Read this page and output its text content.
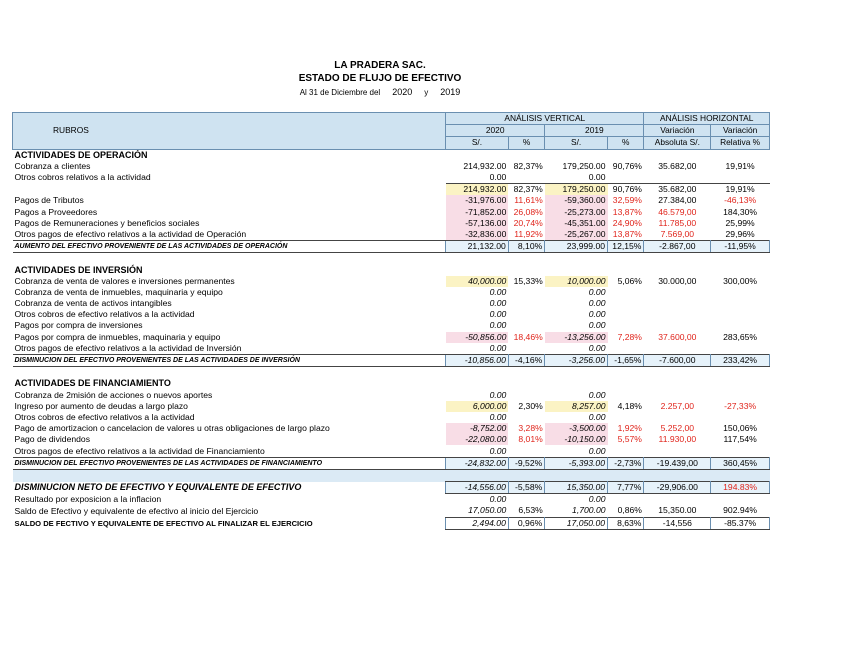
LA PRADERA SAC.
ESTADO DE FLUJO DE EFECTIVO
Al 31 de Diciembre del 2020 y 2019
RUBROS	ANÁLISIS VERTICAL				ANÁLISIS HORIZONTAL	
	2020		2019		Variación	Variación
	S/.	%	S/.	%	Absoluta S/.	Relativa %
ACTIVIDADES DE OPERACIÓN						
Cobranza a clientes	214,932.00	82,37%	179,250.00	90,76%	35.682,00	19,91%
Otros cobros relativos a la actividad	0.00		0.00			
	214,932.00	82,37%	179,250.00	90,76%	35.682,00	19,91%
Pagos de Tributos	-31,976.00	11,61%	-59,360.00	32,59%	27.384,00	-46,13%
Pagos a Proveedores	-71,852.00	26,08%	-25,273.00	13,87%	46.579,00	184,30%
Pagos de Remuneraciones y beneficios sociales	-57,136.00	20,74%	-45,351.00	24,90%	11.785,00	25,99%
Otros pagos de efectivo relativos a la actividad de Operación	-32,836.00	11,92%	-25,267.00	13,87%	7.569,00	29,96%
AUMENTO DEL EFECTIVO PROVENIENTE DE LAS ACTIVIDADES DE OPERACIÓN	21,132.00	8,10%	23,999.00	12,15%	-2.867,00	-11,95%

ACTIVIDADES DE INVERSIÓN						
Cobranza de venta de valores e inversiones permanentes	40,000.00	15,33%	10,000.00	5,06%	30.000,00	300,00%
Cobranza de venta de inmuebles, maquinaria y equipo	0.00		0.00			
Cobranza de venta de activos intangibles	0.00		0.00			
Otros cobros de efectivo relativos a la actividad	0.00		0.00			
Pagos por compra de inversiones	0.00		0.00			
Pagos por compra de inmuebles, maquinaria y equipo	-50,856.00	18,46%	-13,256.00	7,28%	37.600,00	283,65%
Otros pagos de efectivo relativos a la actividad de Inversión	0.00		0.00			
DISMINUCION DEL EFECTIVO PROVENIENTES DE LAS ACTIVIDADES DE INVERSIÓN	-10,856.00	-4,16%	-3,256.00	-1,65%	-7.600,00	233,42%

ACTIVIDADES DE FINANCIAMIENTO						
Cobranza de 2misión de acciones o nuevos aportes	0.00		0.00			
Ingreso por aumento de deudas a largo plazo	6,000.00	2,30%	8,257.00	4,18%	2.257,00	-27,33%
Otros cobros de efectivo relativos a la actividad	0.00		0.00			
Pago de amortizacion o cancelacion de valores u otras obligaciones de largo plazo	-8,752.00	3,28%	-3,500.00	1,92%	5.252,00	150,06%
Pago de dividendos	-22,080.00	8,01%	-10,150.00	5,57%	11.930,00	117,54%
Otros pagos de efectivo relativos a la actividad de Financiamiento	0.00		0.00			
DISMINUCION DEL EFECTIVO PROVENIENTES DE LAS ACTIVIDADES DE FINANCIAMIENTO	-24,832.00	-9,52%	-5,393.00	-2,73%	-19.439,00	360,45%

DISMINUCION NETO DE EFECTIVO Y EQUIVALENTE DE EFECTIVO	-14,556.00	-5,58%	15,350.00	7,77%	-29,906.00	194.83%
Resultado por exposicion a la inflacion	0.00		0.00			
Saldo de Efectivo y equivalente de efectivo al inicio del Ejercicio	17,050.00	6,53%	1,700.00	0,86%	15,350.00	902.94%
SALDO DE FECTIVO Y EQUIVALENTE DE EFECTIVO AL FINALIZAR EL EJERCICIO	2,494.00	0,96%	17,050.00	8,63%	-14,556	-85.37%
